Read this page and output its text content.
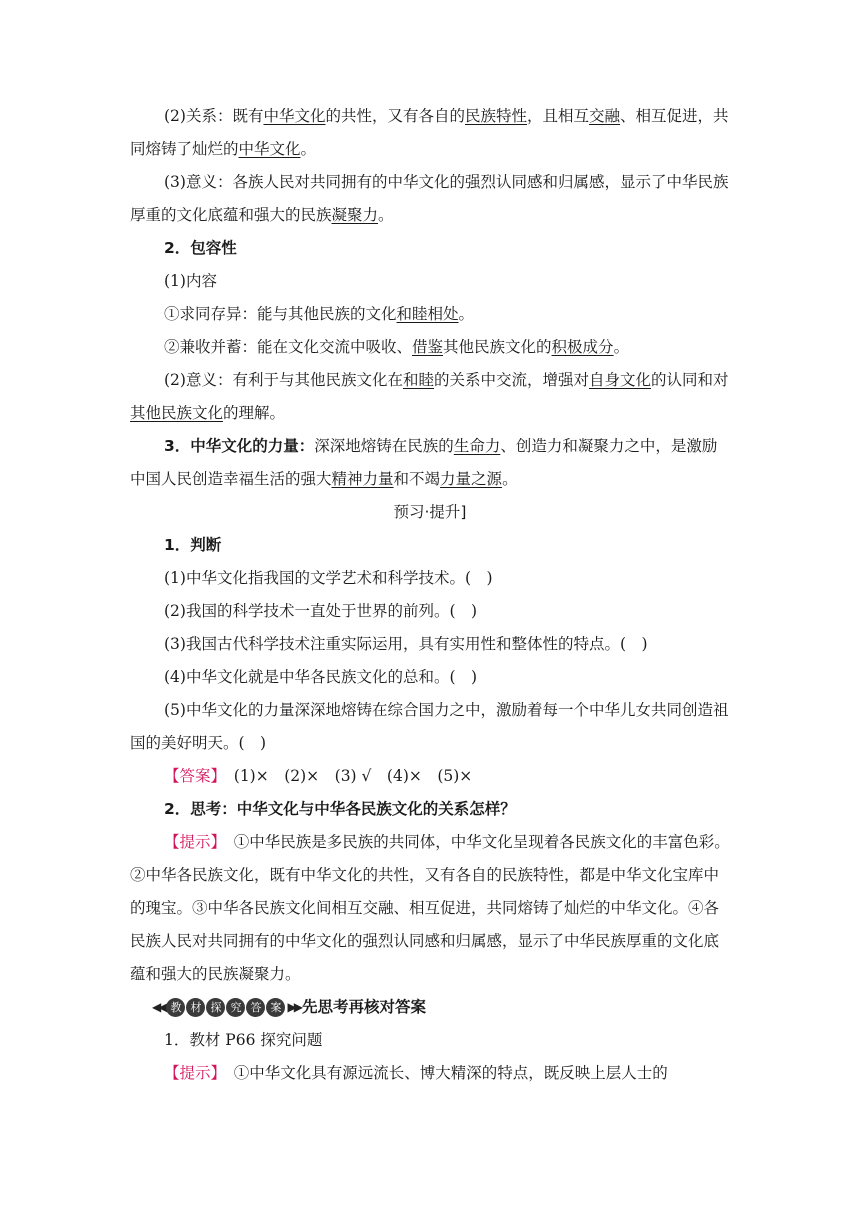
(2)关系：既有中华文化的共性，又有各自的民族特性，且相互交融、相互促进，共同熔铸了灿烂的中华文化。

(3)意义：各族人民对共同拥有的中华文化的强烈认同感和归属感，显示了中华民族厚重的文化底蕴和强大的民族凝聚力。

2．包容性

(1)内容

①求同存异：能与其他民族的文化和睦相处。

②兼收并蓄：能在文化交流中吸收、借鉴其他民族文化的积极成分。

(2)意义：有利于与其他民族文化在和睦的关系中交流，增强对自身文化的认同和对其他民族文化的理解。

3．中华文化的力量：深深地熔铸在民族的生命力、创造力和凝聚力之中，是激励中国人民创造幸福生活的强大精神力量和不竭力量之源。

预习·提升]

1．判断

(1)中华文化指我国的文学艺术和科学技术。(　)

(2)我国的科学技术一直处于世界的前列。(　)

(3)我国古代科学技术注重实际运用，具有实用性和整体性的特点。(　)

(4)中华文化就是中华各民族文化的总和。(　)

(5)中华文化的力量深深地熔铸在综合国力之中，激励着每一个中华儿女共同创造祖国的美好明天。(　)

【答案】　(1)×　(2)×　(3) √　(4)×　(5)×

2．思考：中华文化与中华各民族文化的关系怎样？

【提示】　①中华民族是多民族的共同体，中华文化呈现着各民族文化的丰富色彩。②中华各民族文化，既有中华文化的共性，又有各自的民族特性，都是中华文化宝库中的瑰宝。③中华各民族文化间相互交融、相互促进，共同熔铸了灿烂的中华文化。④各民族人民对共同拥有的中华文化的强烈认同感和归属感，显示了中华民族厚重的文化底蕴和强大的民族凝聚力。

◀◀ 教 材 探 究 答 案 ▶▶ 先思考再核对答案

1．教材 P66 探究问题

【提示】　①中华文化具有源远流长、博大精深的特点，既反映上层人士的
